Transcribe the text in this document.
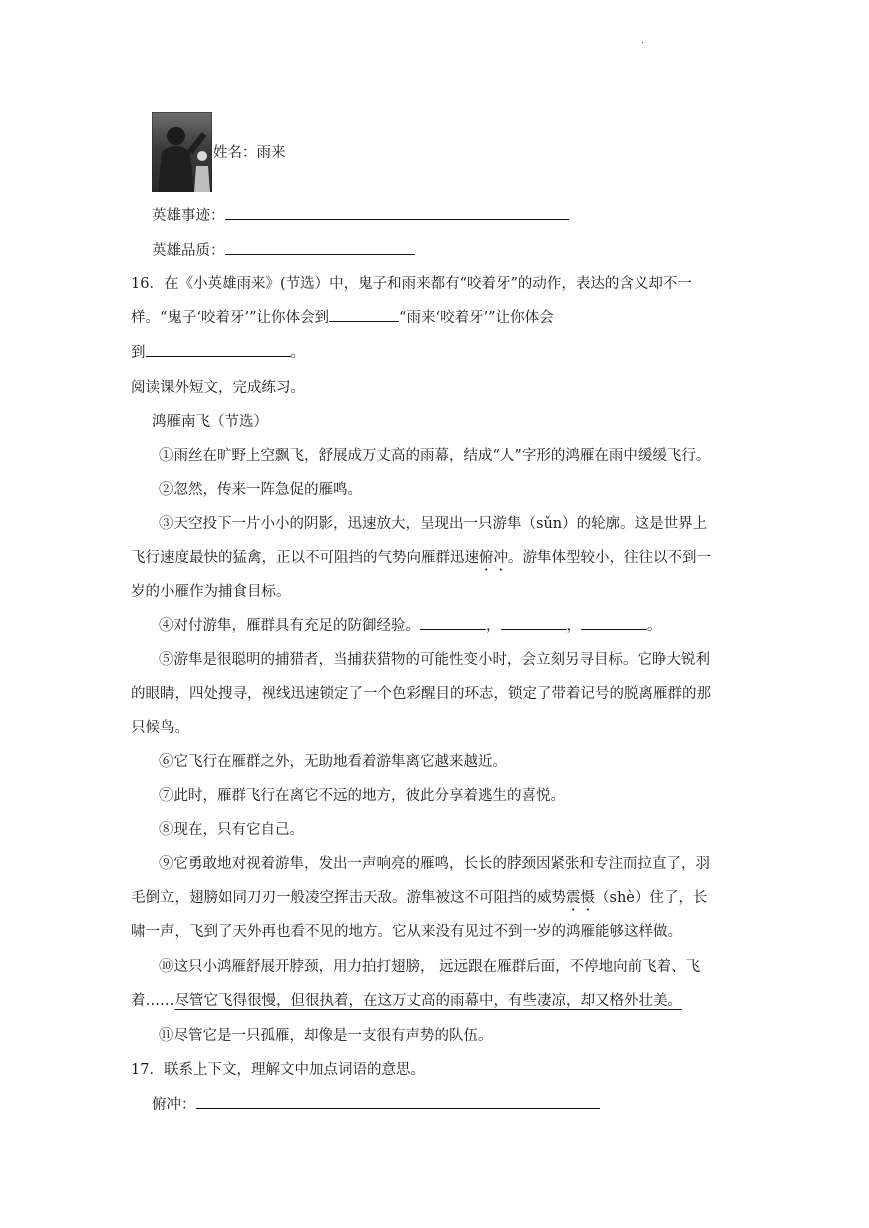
·
姓名：雨来
英雄事迹：
英雄品质：
16．在《小英雄雨来》(节选）中，鬼子和雨来都有“咬着牙”的动作，表达的含义却不一
样。“鬼子‘咬着牙’”让你体会到	“雨来‘咬着牙’”让你体会
到	。
阅读课外短文，完成练习。
鸿雁南飞（节选）
①雨丝在旷野上空飘飞，舒展成万丈高的雨幕，结成“人”字形的鸿雁在雨中缓缓飞行。
②忽然，传来一阵急促的雁鸣。
③天空投下一片小小的阴影，迅速放大，呈现出一只游隼（sǔn）的轮廓。这是世界上
飞行速度最快的猛禽，正以不可阻挡的气势向雁群迅速俯冲。游隼体型较小，往往以不到一
岁的小雁作为捕食目标。
④对付游隼，雁群具有充足的防御经验。	，	，	。
⑤游隼是很聪明的捕猎者，当捕获猎物的可能性变小时，会立刻另寻目标。它睁大锐利
的眼睛，四处搜寻，视线迅速锁定了一个色彩醒目的环志，锁定了带着记号的脱离雁群的那
只候鸟。
⑥它飞行在雁群之外，无助地看着游隼离它越来越近。
⑦此时，雁群飞行在离它不远的地方，彼此分享着逃生的喜悦。
⑧现在，只有它自己。
⑨它勇敢地对视着游隼，发出一声响亮的雁鸣，长长的脖颈因紧张和专注而拉直了，羽
毛倒立，翅膀如同刀刃一般凌空挥击天敌。游隼被这不可阻挡的威势震慑（shè）住了，长
啸一声，飞到了天外再也看不见的地方。它从来没有见过不到一岁的鸿雁能够这样做。
⑩这只小鸿雁舒展开脖颈，用力拍打翅膀， 远远跟在雁群后面，不停地向前飞着、飞
着……尽管它飞得很慢，但很执着，在这万丈高的雨幕中，有些凄凉，却又格外壮美。
⑪尽管它是一只孤雁，却像是一支很有声势的队伍。
17．联系上下文，理解文中加点词语的意思。
俯冲：
